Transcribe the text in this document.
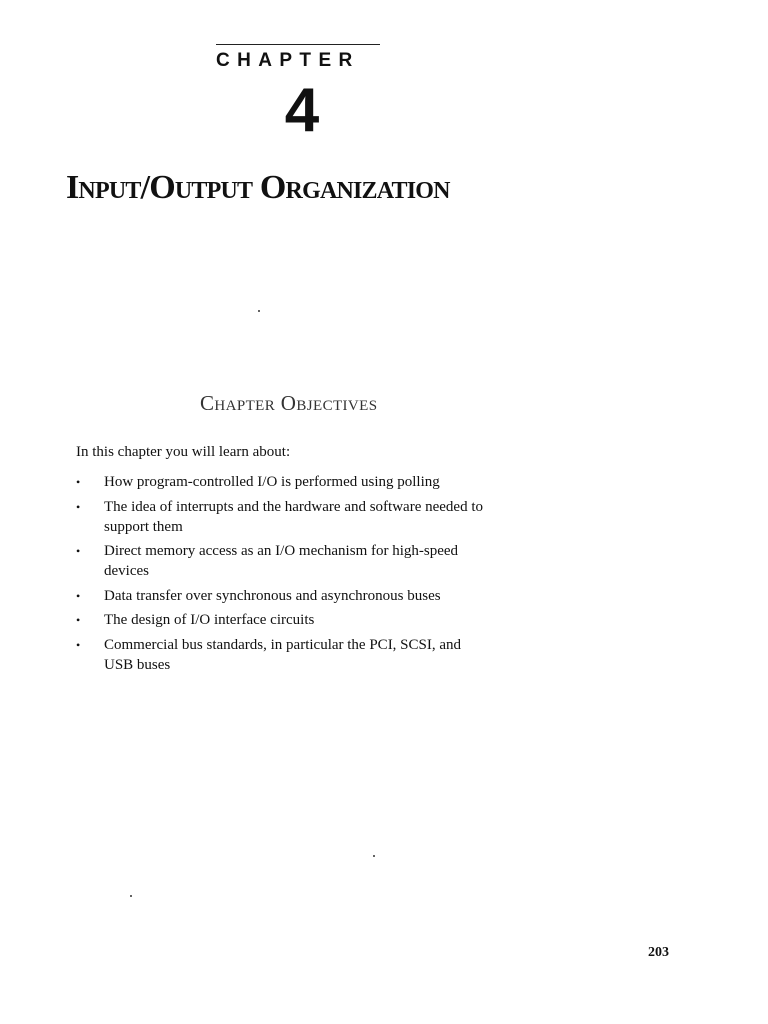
CHAPTER
4
Input/Output Organization
Chapter Objectives
In this chapter you will learn about:
•	How program-controlled I/O is performed using polling
•	The idea of interrupts and the hardware and software needed to
support them
•	Direct memory access as an I/O mechanism for high-speed
devices
•	Data transfer over synchronous and asynchronous buses
•	The design of I/O interface circuits
•	Commercial bus standards, in particular the PCI, SCSI, and
USB buses
203
